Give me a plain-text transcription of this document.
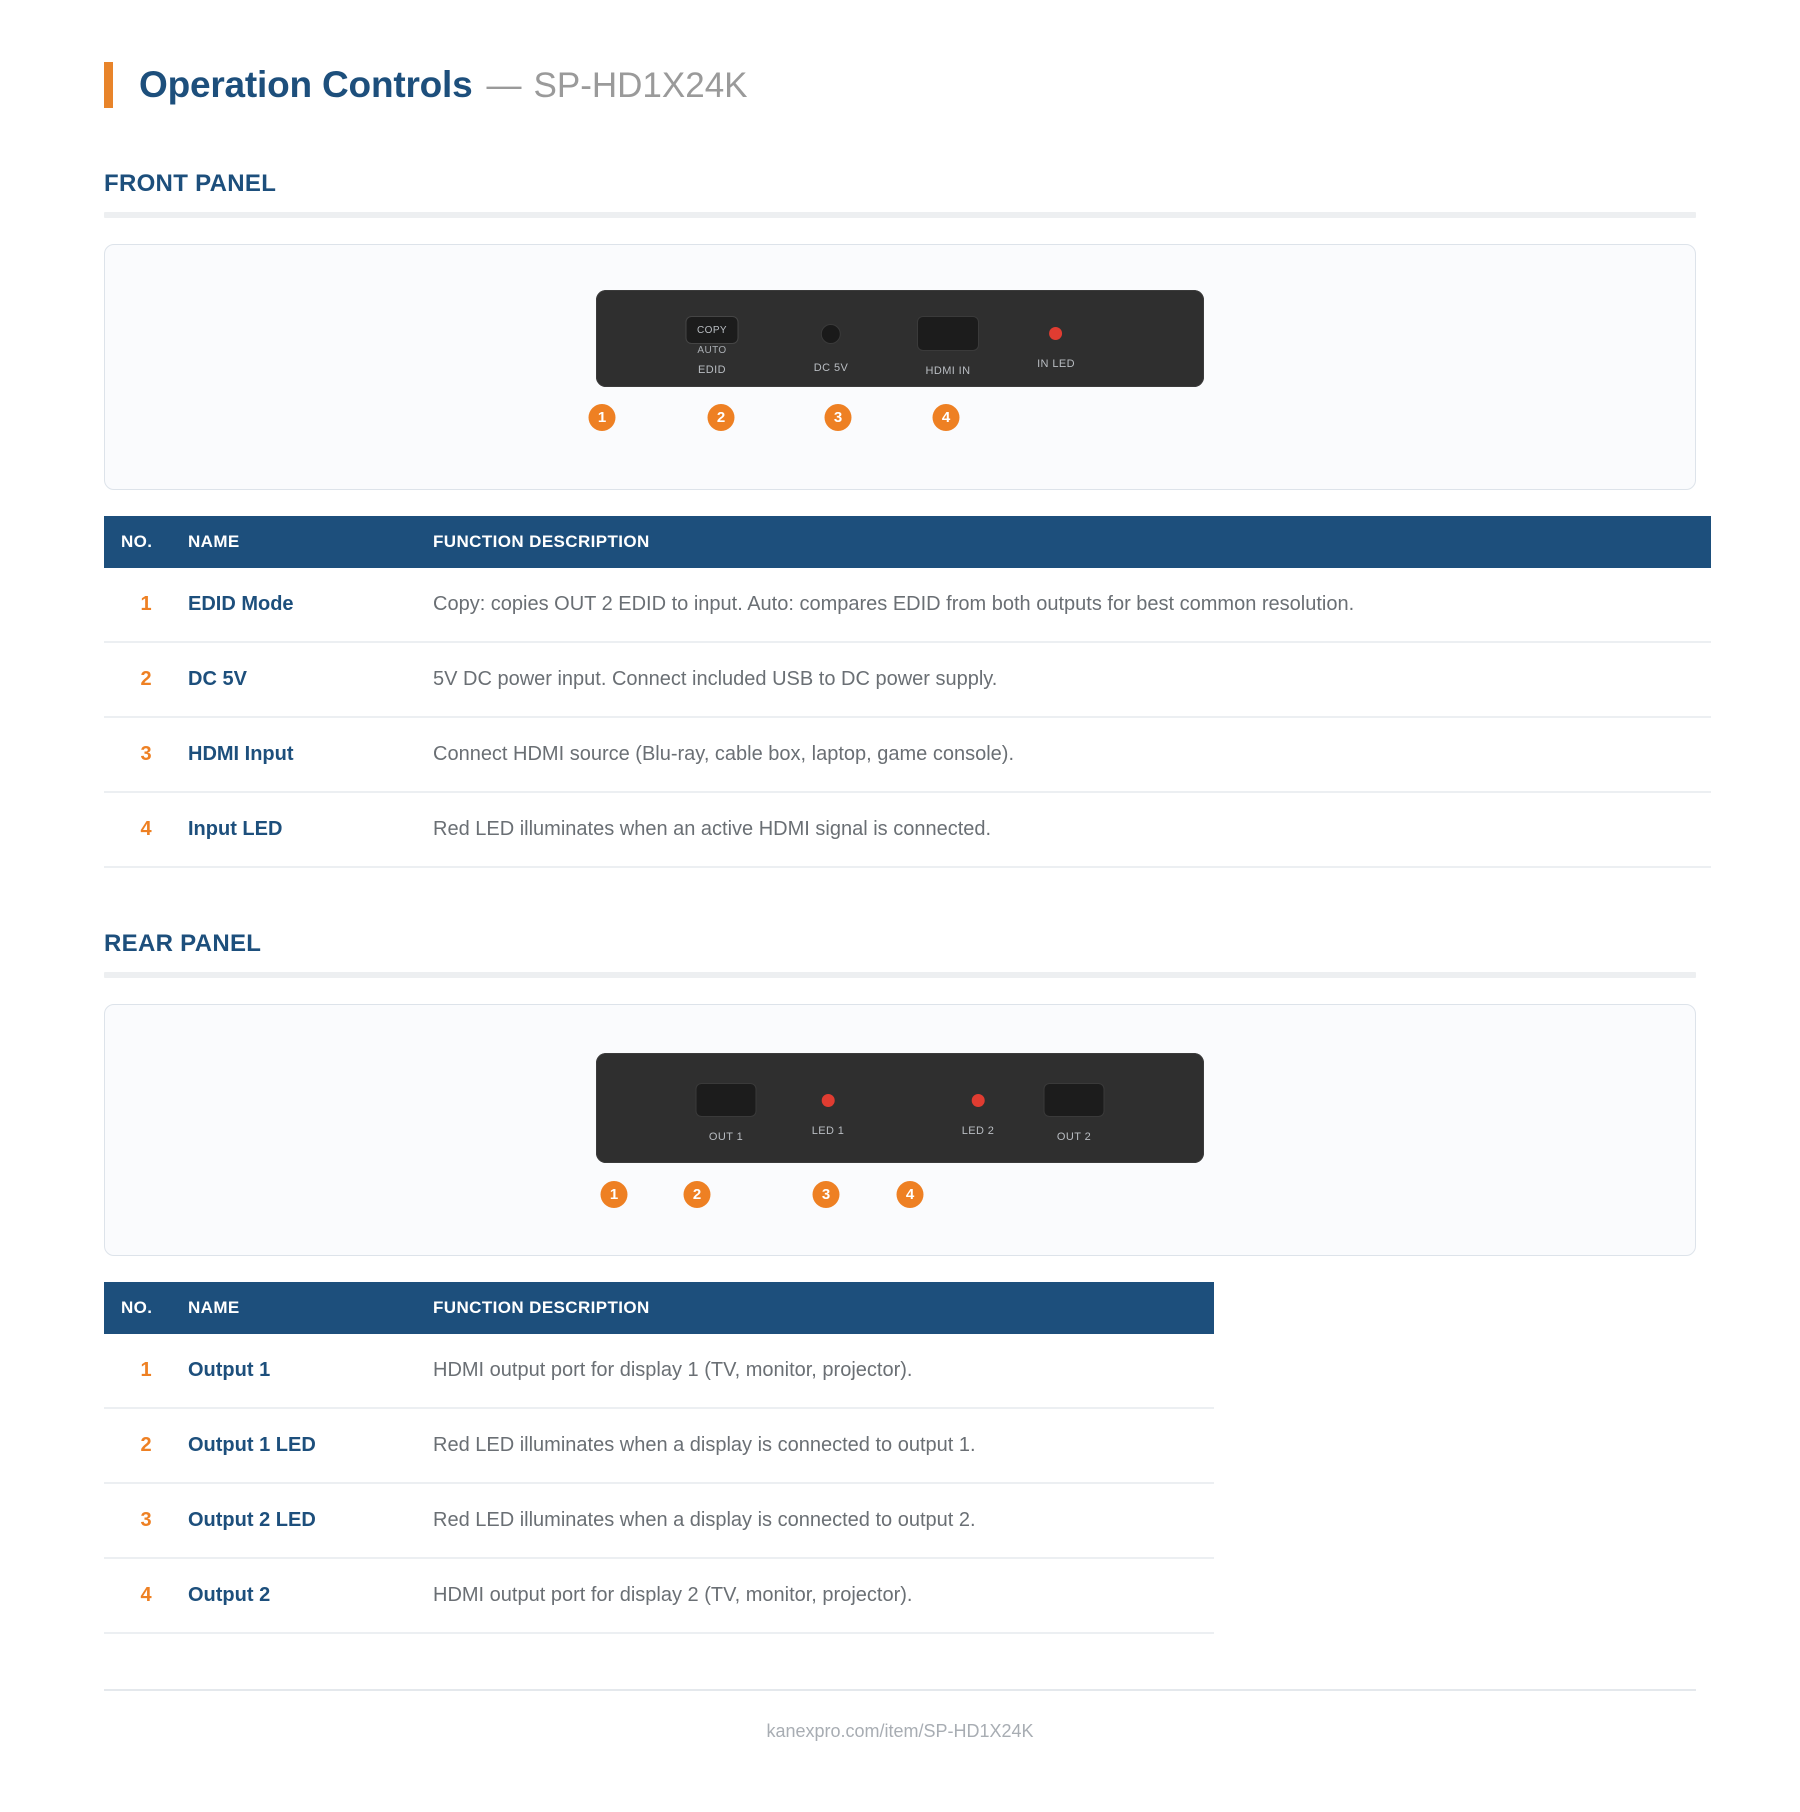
Operation Controls — SP-HD1X24K
FRONT PANEL
COPY
AUTO
EDID	DC 5V	HDMI IN
IN LED
1	2	3	4
NO.	NAME	FUNCTION DESCRIPTION
1	EDID Mode	Copy: copies OUT 2 EDID to input. Auto: compares EDID from both outputs for best common resolution.
2	DC 5V	5V DC power input. Connect included USB to DC power supply.
3	HDMI Input	Connect HDMI source (Blu-ray, cable box, laptop, game console).
4	Input LED	Red LED illuminates when an active HDMI signal is connected.
REAR PANEL
OUT 1	LED 1	LED 2	OUT 2
1	2	3	4
NO.	NAME	FUNCTION DESCRIPTION
1	Output 1	HDMI output port for display 1 (TV, monitor, projector).
2	Output 1 LED	Red LED illuminates when a display is connected to output 1.
3	Output 2 LED	Red LED illuminates when a display is connected to output 2.
4	Output 2	HDMI output port for display 2 (TV, monitor, projector).
kanexpro.com/item/SP-HD1X24K
